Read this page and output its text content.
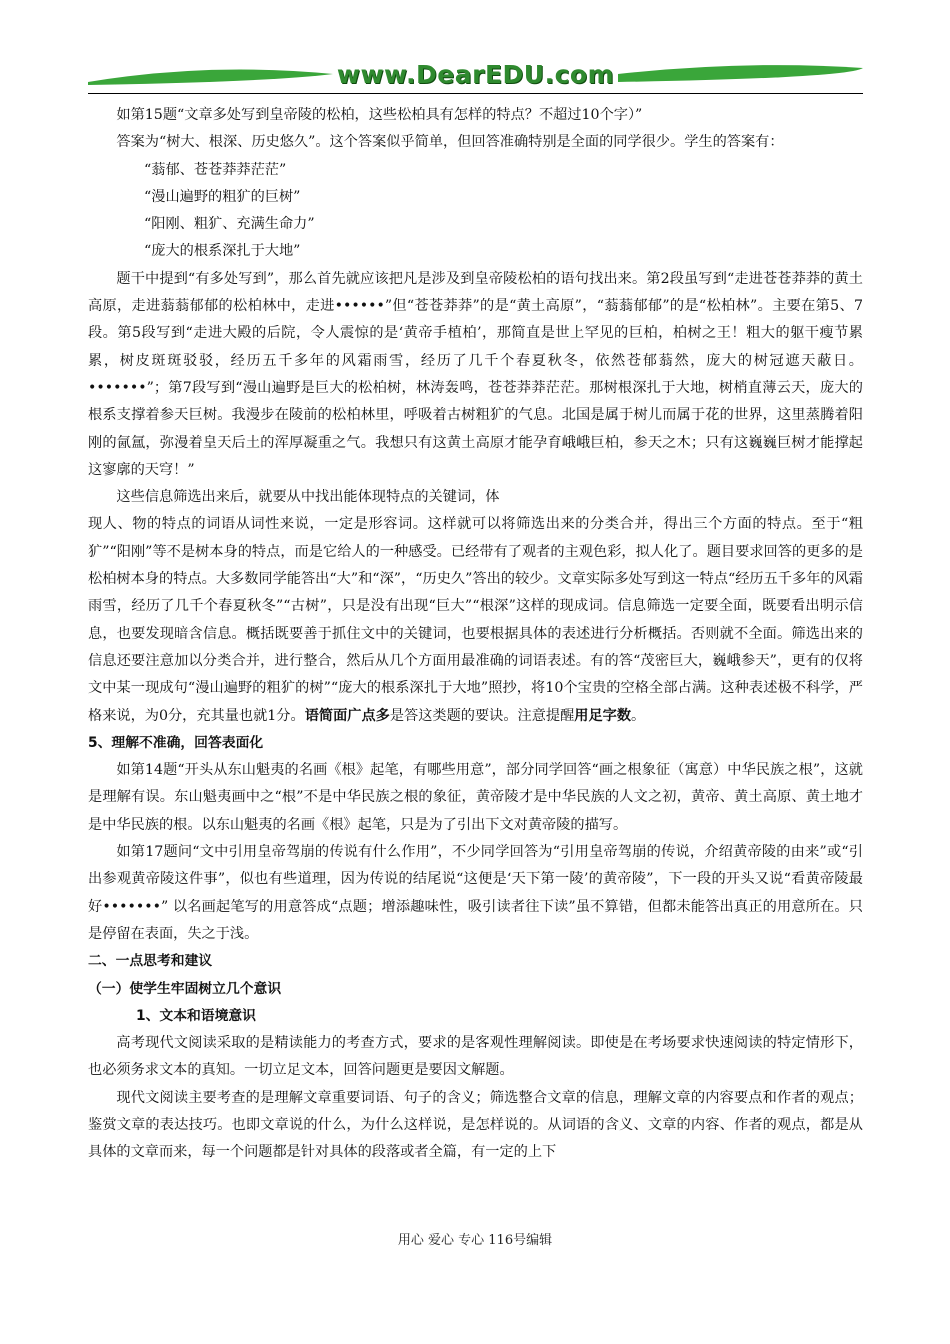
www.DearEDU.com

如第15题“文章多处写到皇帝陵的松柏，这些松柏具有怎样的特点？不超过10个字）”

答案为“树大、根深、历史悠久”。这个答案似乎简单，但回答准确特别是全面的同学很少。学生的答案有：

“蓊郁、苍苍莽莽茫茫”

“漫山遍野的粗犷的巨树”

“阳刚、粗犷、充满生命力”

“庞大的根系深扎于大地”

题干中提到“有多处写到”，那么首先就应该把凡是涉及到皇帝陵松柏的语句找出来。第2段虽写到“走进苍苍莽莽的黄土高原，走进蓊蓊郁郁的松柏林中，走进••••••”但“苍苍莽莽”的是“黄土高原”，“蓊蓊郁郁”的是“松柏林”。主要在第5、7段。第5段写到“走进大殿的后院，令人震惊的是‘黄帝手植柏’，那简直是世上罕见的巨柏，柏树之王！粗大的躯干瘦节累累，树皮斑斑驳驳，经历五千多年的风霜雨雪，经历了几千个春夏秋冬，依然苍郁蓊然，庞大的树冠遮天蔽日。•••••••”；第7段写到“漫山遍野是巨大的松柏树，林涛轰鸣，苍苍莽莽茫茫。那树根深扎于大地，树梢直薄云天，庞大的根系支撑着参天巨树。我漫步在陵前的松柏林里，呼吸着古树粗犷的气息。北国是属于树儿而属于花的世界，这里蒸腾着阳刚的氤氲，弥漫着皇天后土的浑厚凝重之气。我想只有这黄土高原才能孕育峨峨巨柏，参天之木；只有这巍巍巨树才能撑起这寥廓的天穹！”

这些信息筛选出来后，就要从中找出能体现特点的关键词，体

现人、物的特点的词语从词性来说，一定是形容词。这样就可以将筛选出来的分类合并，得出三个方面的特点。至于“粗犷”“阳刚”等不是树本身的特点，而是它给人的一种感受。已经带有了观者的主观色彩，拟人化了。题目要求回答的更多的是松柏树本身的特点。大多数同学能答出“大”和“深”，“历史久”答出的较少。文章实际多处写到这一特点“经历五千多年的风霜雨雪，经历了几千个春夏秋冬”“古树”，只是没有出现“巨大”“根深”这样的现成词。信息筛选一定要全面，既要看出明示信息，也要发现暗含信息。概括既要善于抓住文中的关键词，也要根据具体的表述进行分析概括。否则就不全面。筛选出来的信息还要注意加以分类合并，进行整合，然后从几个方面用最准确的词语表述。有的答“茂密巨大，巍峨参天”，更有的仅将文中某一现成句“漫山遍野的粗犷的树”“庞大的根系深扎于大地”照抄，将10个宝贵的空格全部占满。这种表述极不科学，严格来说，为0分，充其量也就1分。语简面广点多是答这类题的要诀。注意提醒用足字数。

5、理解不准确，回答表面化

如第14题“开头从东山魁夷的名画《根》起笔，有哪些用意”，部分同学回答“画之根象征（寓意）中华民族之根”，这就是理解有误。东山魁夷画中之“根”不是中华民族之根的象征，黄帝陵才是中华民族的人文之初，黄帝、黄土高原、黄土地才是中华民族的根。以东山魁夷的名画《根》起笔，只是为了引出下文对黄帝陵的描写。

如第17题问“文中引用皇帝驾崩的传说有什么作用”，不少同学回答为“引用皇帝驾崩的传说，介绍黄帝陵的由来”或“引出参观黄帝陵这件事”，似也有些道理，因为传说的结尾说“这便是‘天下第一陵’的黄帝陵”，下一段的开头又说“看黄帝陵最好•••••••” 以名画起笔写的用意答成“点题；增添趣味性，吸引读者往下读”虽不算错，但都未能答出真正的用意所在。只是停留在表面，失之于浅。

二、一点思考和建议

（一）使学生牢固树立几个意识

1、文本和语境意识

高考现代文阅读采取的是精读能力的考查方式，要求的是客观性理解阅读。即使是在考场要求快速阅读的特定情形下，也必须务求文本的真知。一切立足文本，回答问题更是要因文解题。

现代文阅读主要考查的是理解文章重要词语、句子的含义；筛选整合文章的信息，理解文章的内容要点和作者的观点；鉴赏文章的表达技巧。也即文章说的什么，为什么这样说，是怎样说的。从词语的含义、文章的内容、作者的观点，都是从具体的文章而来，每一个问题都是针对具体的段落或者全篇，有一定的上下

用心 爱心 专心 116号编辑
